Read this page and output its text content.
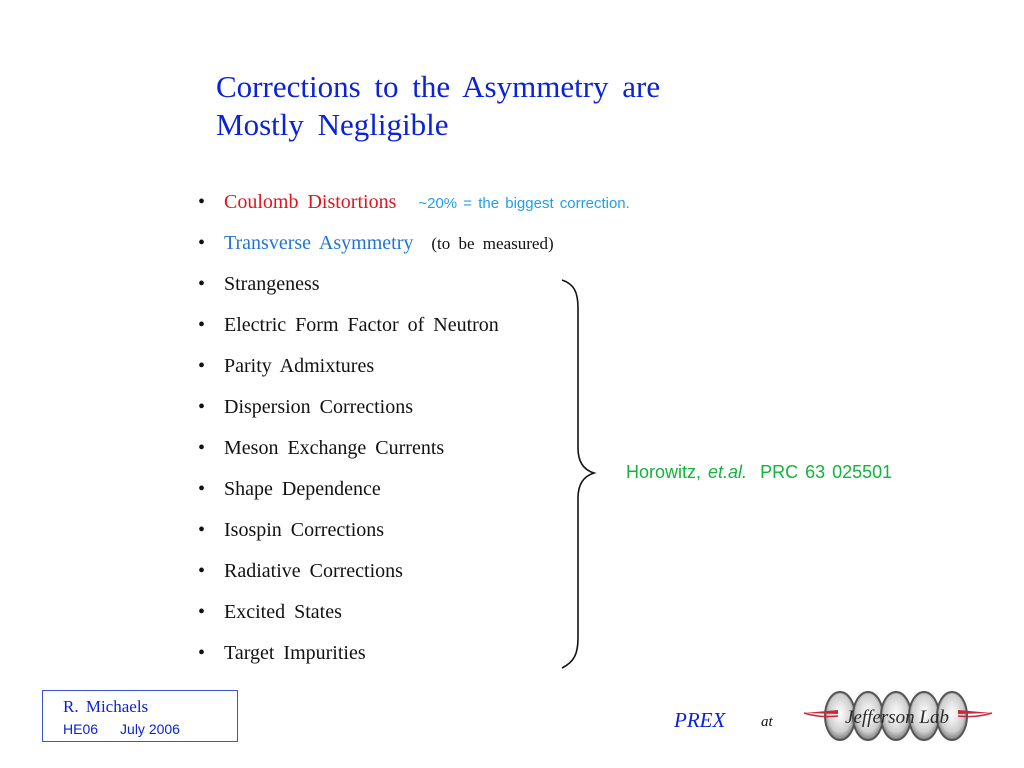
Corrections to the Asymmetry are
Mostly Negligible
• Coulomb Distortions ~20% = the biggest correction.
• Transverse Asymmetry (to be measured)
• Strangeness
• Electric Form Factor of Neutron
• Parity Admixtures
• Dispersion Corrections
• Meson Exchange Currents
• Shape Dependence
• Isospin Corrections
• Radiative Corrections
• Excited States
• Target Impurities
Horowitz, et.al. PRC 63 025501
R. Michaels
HE06 July 2006	PREX at	Jefferson Lab
